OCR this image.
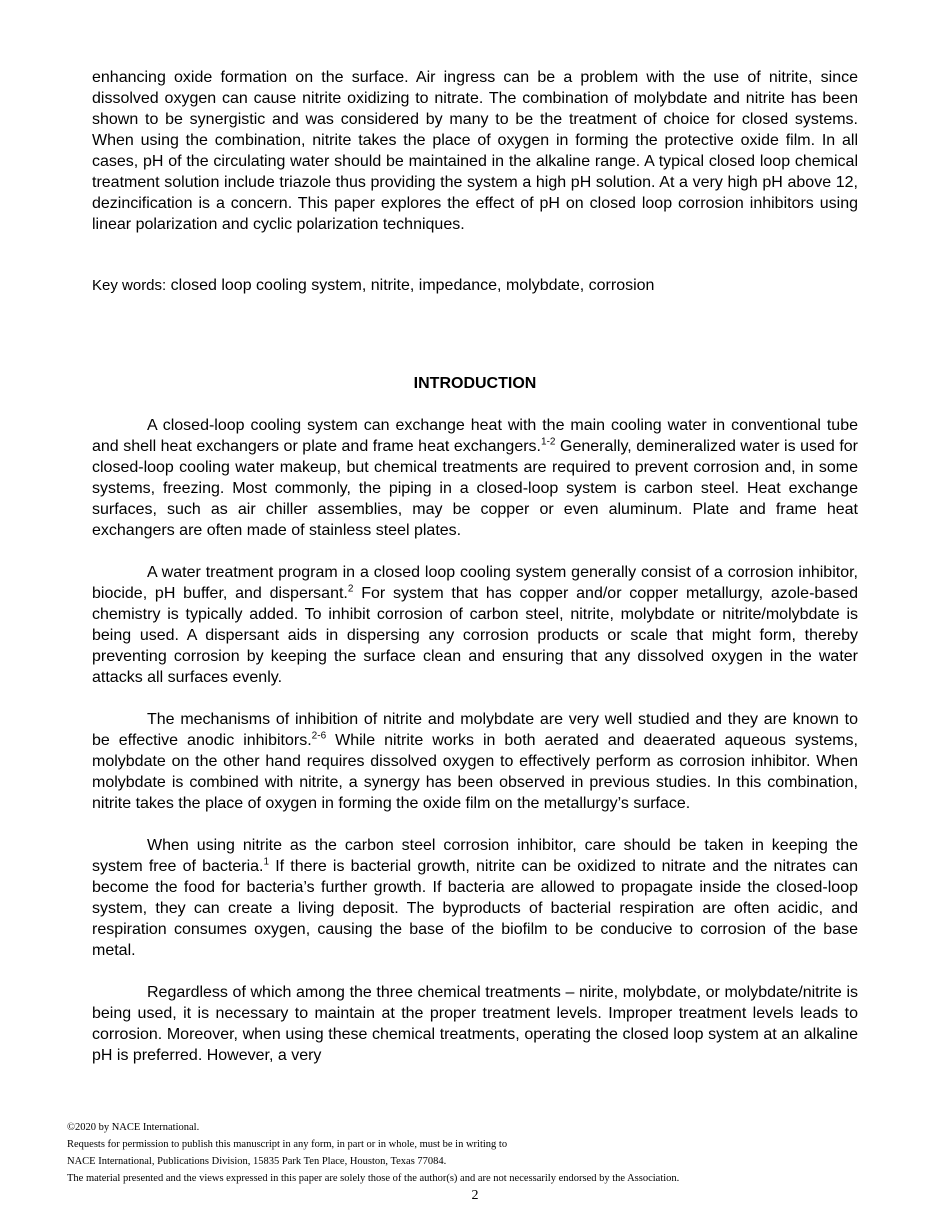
enhancing oxide formation on the surface. Air ingress can be a problem with the use of nitrite, since dissolved oxygen can cause nitrite oxidizing to nitrate. The combination of molybdate and nitrite has been shown to be synergistic and was considered by many to be the treatment of choice for closed systems. When using the combination, nitrite takes the place of oxygen in forming the protective oxide film. In all cases, pH of the circulating water should be maintained in the alkaline range. A typical closed loop chemical treatment solution include triazole thus providing the system a high pH solution. At a very high pH above 12, dezincification is a concern. This paper explores the effect of pH on closed loop corrosion inhibitors using linear polarization and cyclic polarization techniques.

Key words: closed loop cooling system, nitrite, impedance, molybdate, corrosion

INTRODUCTION

A closed-loop cooling system can exchange heat with the main cooling water in conventional tube and shell heat exchangers or plate and frame heat exchangers.$^{1-2}$ Generally, demineralized water is used for closed-loop cooling water makeup, but chemical treatments are required to prevent corrosion and, in some systems, freezing. Most commonly, the piping in a closed-loop system is carbon steel. Heat exchange surfaces, such as air chiller assemblies, may be copper or even aluminum. Plate and frame heat exchangers are often made of stainless steel plates.

A water treatment program in a closed loop cooling system generally consist of a corrosion inhibitor, biocide, pH buffer, and dispersant.$^2$ For system that has copper and/or copper metallurgy, azole-based chemistry is typically added. To inhibit corrosion of carbon steel, nitrite, molybdate or nitrite/molybdate is being used. A dispersant aids in dispersing any corrosion products or scale that might form, thereby preventing corrosion by keeping the surface clean and ensuring that any dissolved oxygen in the water attacks all surfaces evenly.

The mechanisms of inhibition of nitrite and molybdate are very well studied and they are known to be effective anodic inhibitors.$^{2-6}$ While nitrite works in both aerated and deaerated aqueous systems, molybdate on the other hand requires dissolved oxygen to effectively perform as corrosion inhibitor. When molybdate is combined with nitrite, a synergy has been observed in previous studies. In this combination, nitrite takes the place of oxygen in forming the oxide film on the metallurgy’s surface.

When using nitrite as the carbon steel corrosion inhibitor, care should be taken in keeping the system free of bacteria.$^1$ If there is bacterial growth, nitrite can be oxidized to nitrate and the nitrates can become the food for bacteria’s further growth. If bacteria are allowed to propagate inside the closed-loop system, they can create a living deposit. The byproducts of bacterial respiration are often acidic, and respiration consumes oxygen, causing the base of the biofilm to be conducive to corrosion of the base metal.

Regardless of which among the three chemical treatments – nirite, molybdate, or molybdate/nitrite is being used, it is necessary to maintain at the proper treatment levels. Improper treatment levels leads to corrosion. Moreover, when using these chemical treatments, operating the closed loop system at an alkaline pH is preferred. However, a very

©2020 by NACE International.

Requests for permission to publish this manuscript in any form, in part or in whole, must be in writing to

NACE International, Publications Division, 15835 Park Ten Place, Houston, Texas 77084.

The material presented and the views expressed in this paper are solely those of the author(s) and are not necessarily endorsed by the Association.

2
